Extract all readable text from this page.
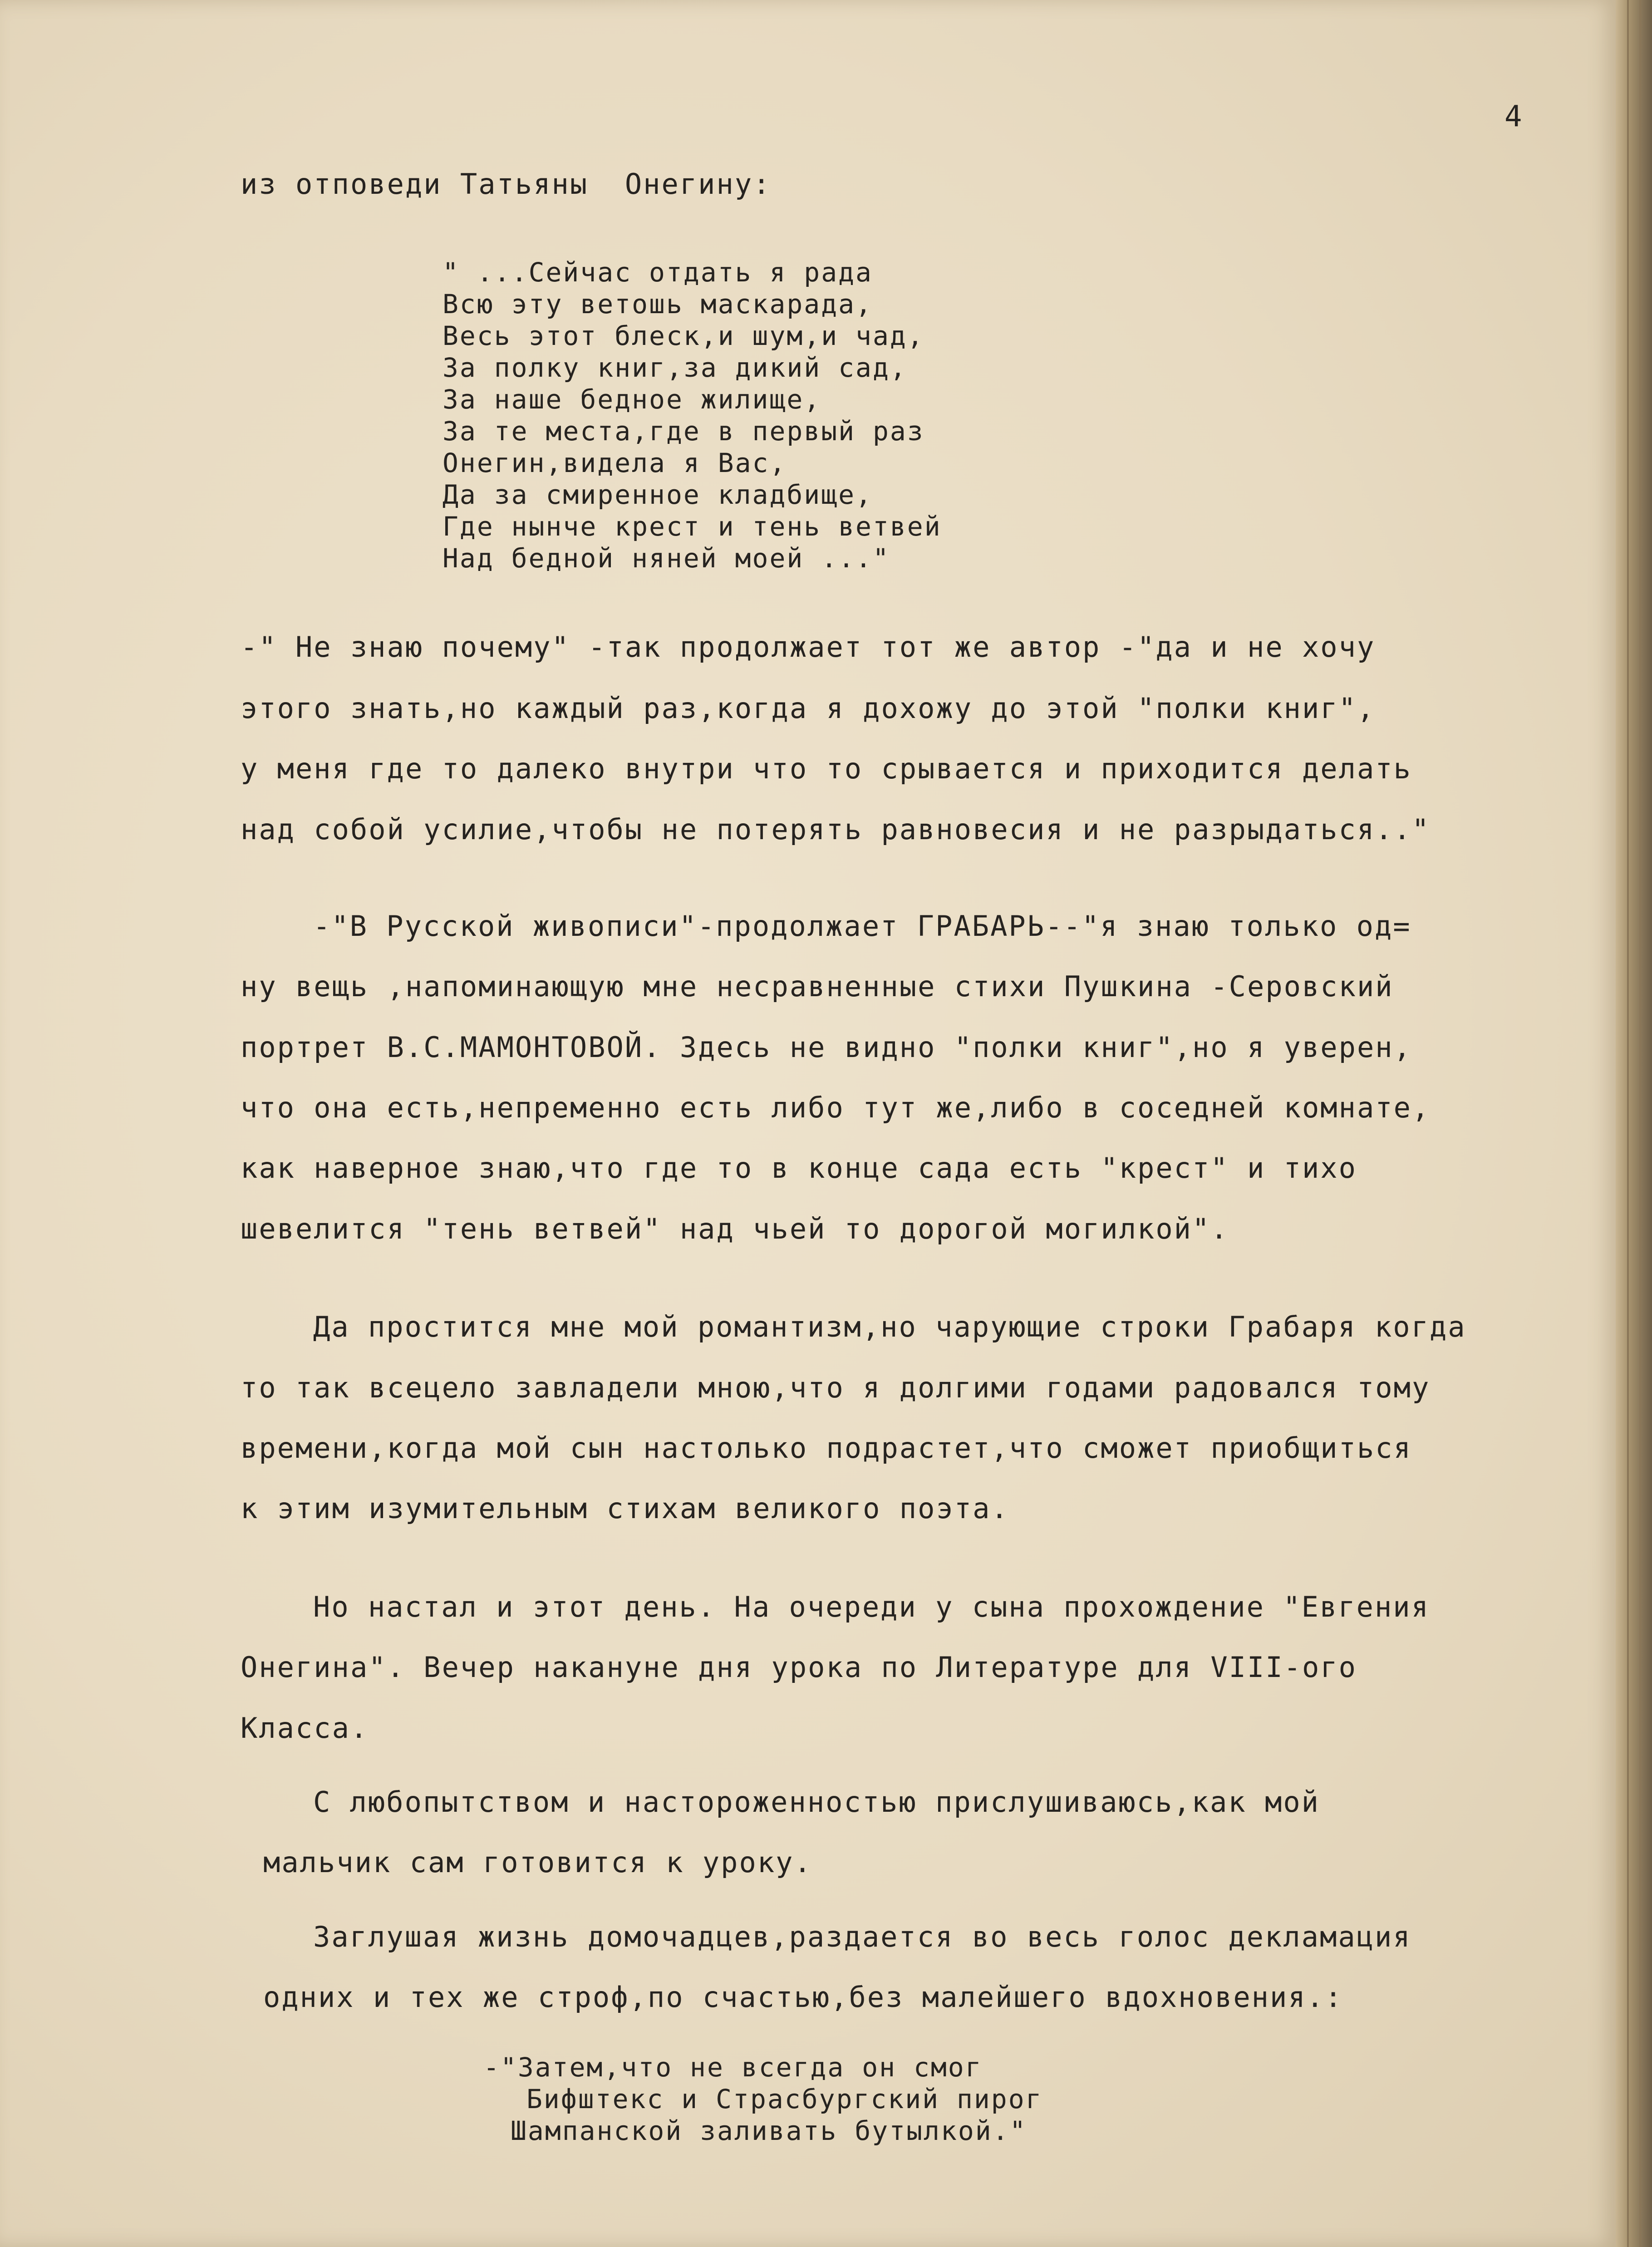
4
из отповеди Татьяны  Онегину:
" ...Сейчас отдать я рада
Всю эту ветошь маскарада,
Весь этот блеск,и шум,и чад,
За полку книг,за дикий сад,
За наше бедное жилище,
За те места,где в первый раз
Онегин,видела я Вас,
Да за смиренное кладбище,
Где нынче крест и тень ветвей
Над бедной няней моей ..."
-" Не знаю почему" -так продолжает тот же автор -"да и не хочу
этого знать,но каждый раз,когда я дохожу до этой "полки книг",
у меня где то далеко внутри что то срывается и приходится делать
над собой усилие,чтобы не потерять равновесия и не разрыдаться.."
-"В Русской живописи"-продолжает ГРАБАРЬ--"я знаю только од=
ну вещь ,напоминающую мне несравненные стихи Пушкина -Серовский
портрет В.С.МАМОНТОВОЙ. Здесь не видно "полки книг",но я уверен,
что она есть,непременно есть либо тут же,либо в соседней комнате,
как наверное знаю,что где то в конце сада есть "крест" и тихо
шевелится "тень ветвей" над чьей то дорогой могилкой".
Да простится мне мой романтизм,но чарующие строки Грабаря когда
то так всецело завладели мною,что я долгими годами радовался тому
времени,когда мой сын настолько подрастет,что сможет приобщиться
к этим изумительным стихам великого поэта.
Но настал и этот день. На очереди у сына прохождение "Евгения
Онегина". Вечер накануне дня урока по Литературе для VIII-ого
Класса.
С любопытством и настороженностью прислушиваюсь,как мой
мальчик сам готовится к уроку.
Заглушая жизнь домочадцев,раздается во весь голос декламация
одних и тех же строф,по счастью,без малейшего вдохновения.:
-"Затем,что не всегда он смог
Бифштекс и Страсбургский пирог
Шампанской заливать бутылкой."
